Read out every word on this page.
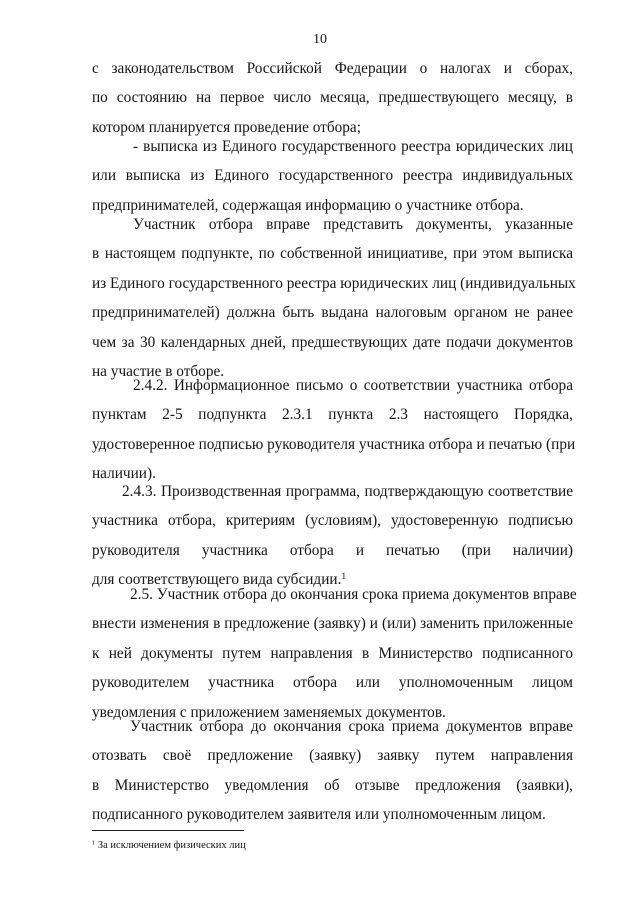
10
с законодательством Российской Федерации о налогах и сборах,
по состоянию на первое число месяца, предшествующего месяцу, в
котором планируется проведение отбора;
- выписка из Единого государственного реестра юридических лиц
или выписка из Единого государственного реестра индивидуальных
предпринимателей, содержащая информацию о участнике отбора.
Участник отбора вправе представить документы, указанные
в настоящем подпункте, по собственной инициативе, при этом выписка
из Единого государственного реестра юридических лиц (индивидуальных
предпринимателей) должна быть выдана налоговым органом не ранее
чем за 30 календарных дней, предшествующих дате подачи документов
на участие в отборе.
2.4.2. Информационное письмо о соответствии участника отбора
пунктам 2-5 подпункта 2.3.1 пункта 2.3 настоящего Порядка,
удостоверенное подписью руководителя участника отбора и печатью (при
наличии).
2.4.3. Производственная программа, подтверждающую соответствие
участника отбора, критериям (условиям), удостоверенную подписью
руководителя участника отбора и печатью (при наличии)
для соответствующего вида субсидии.$^1$
2.5. Участник отбора до окончания срока приема документов вправе
внести изменения в предложение (заявку) и (или) заменить приложенные
к ней документы путем направления в Министерство подписанного
руководителем участника отбора или уполномоченным лицом
уведомления с приложением заменяемых документов.
Участник отбора до окончания срока приема документов вправе
отозвать своё предложение (заявку) заявку путем направления
в Министерство уведомления об отзыве предложения (заявки),
подписанного руководителем заявителя или уполномоченным лицом.
$^1$ За исключением физических лиц
